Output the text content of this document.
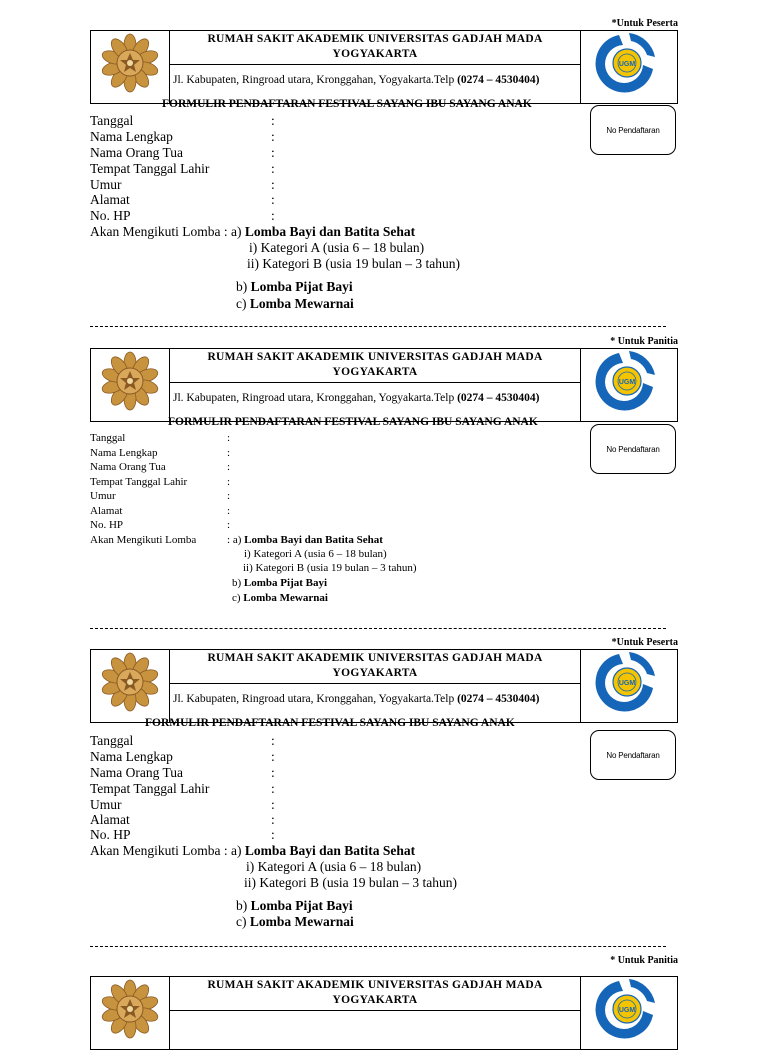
*Untuk Peserta
RUMAH SAKIT AKADEMIK UNIVERSITAS GADJAH MADA
YOGYAKARTA
Jl. Kabupaten, Ringroad utara, Kronggahan, Yogyakarta.Telp (0274 – 4530404)
UGM
FORMULIR PENDAFTARAN FESTIVAL SAYANG IBU SAYANG ANAK
No Pendaftaran
Tanggal
Nama Lengkap
Nama Orang Tua
Tempat Tanggal Lahir
Umur
Alamat
No. HP
:
:
:
:
:
:
:
Akan Mengikuti Lomba : a) Lomba Bayi dan Batita Sehat
i) Kategori A (usia 6 – 18 bulan)
ii) Kategori B (usia 19 bulan – 3 tahun)
b) Lomba Pijat Bayi
c) Lomba Mewarnai
* Untuk Panitia
RUMAH SAKIT AKADEMIK UNIVERSITAS GADJAH MADA
YOGYAKARTA
Jl. Kabupaten, Ringroad utara, Kronggahan, Yogyakarta.Telp (0274 – 4530404)
UGM
FORMULIR PENDAFTARAN FESTIVAL SAYANG IBU SAYANG ANAK
No Pendaftaran
Tanggal
Nama Lengkap
Nama Orang Tua
Tempat Tanggal Lahir
Umur
Alamat
No. HP
:
:
:
:
:
:
:
Akan Mengikuti Lomba	: a) Lomba Bayi dan Batita Sehat
i) Kategori A (usia 6 – 18 bulan)
ii) Kategori B (usia 19 bulan – 3 tahun)
b) Lomba Pijat Bayi
c) Lomba Mewarnai
*Untuk Peserta
RUMAH SAKIT AKADEMIK UNIVERSITAS GADJAH MADA
YOGYAKARTA
Jl. Kabupaten, Ringroad utara, Kronggahan, Yogyakarta.Telp (0274 – 4530404)
UGM
FORMULIR PENDAFTARAN FESTIVAL SAYANG IBU SAYANG ANAK
No Pendaftaran
Tanggal
Nama Lengkap
Nama Orang Tua
Tempat Tanggal Lahir
Umur
Alamat
No. HP
:
:
:
:
:
:
:
Akan Mengikuti Lomba : a) Lomba Bayi dan Batita Sehat
i) Kategori A (usia 6 – 18 bulan)
ii) Kategori B (usia 19 bulan – 3 tahun)
b) Lomba Pijat Bayi
c) Lomba Mewarnai
* Untuk Panitia
RUMAH SAKIT AKADEMIK UNIVERSITAS GADJAH MADA
YOGYAKARTA
UGM
